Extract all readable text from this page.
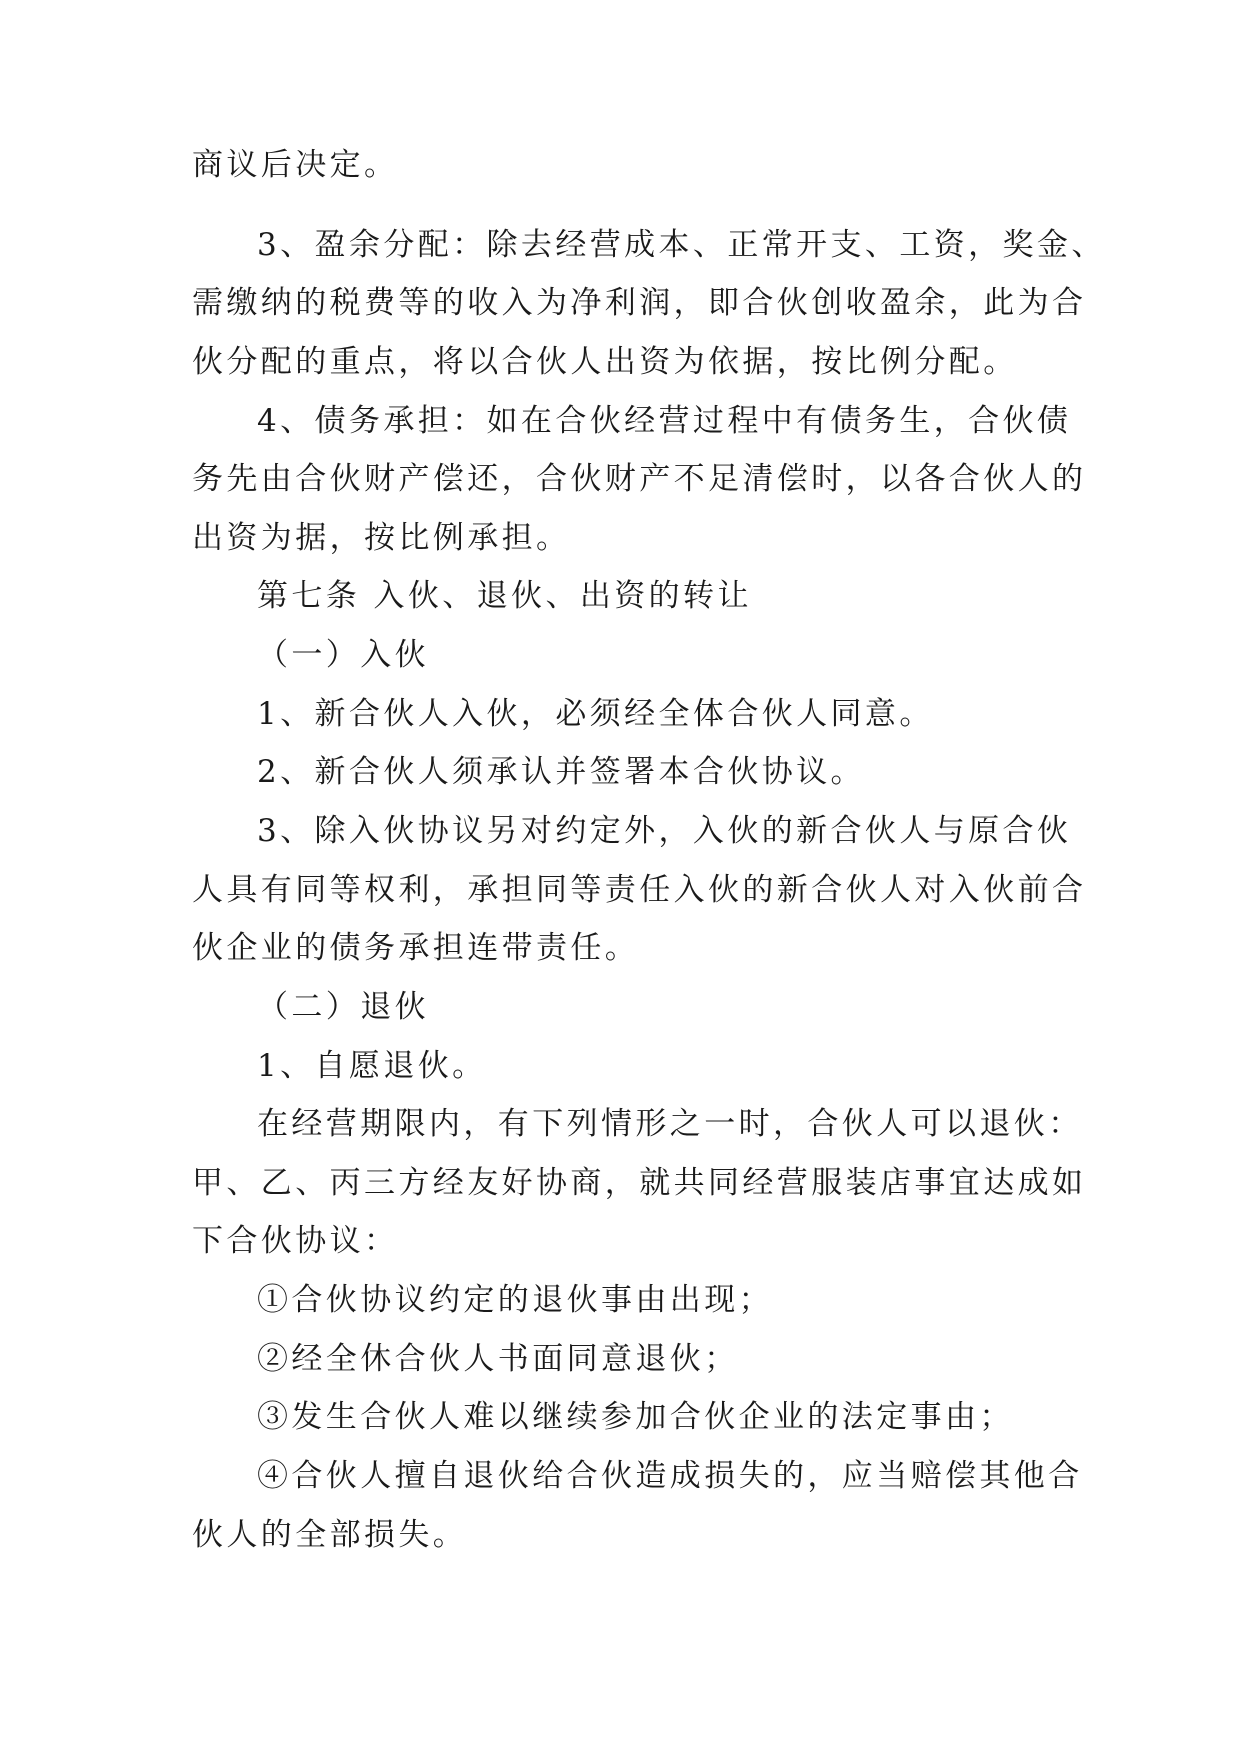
商议后决定。

3、盈余分配：除去经营成本、正常开支、工资，奖金、

需缴纳的税费等的收入为净利润，即合伙创收盈余，此为合

伙分配的重点，将以合伙人出资为依据，按比例分配。

4、债务承担：如在合伙经营过程中有债务生，合伙债

务先由合伙财产偿还，合伙财产不足清偿时，以各合伙人的

出资为据，按比例承担。

第七条 入伙、退伙、出资的转让

（一）入伙

1、新合伙人入伙，必须经全体合伙人同意。

2、新合伙人须承认并签署本合伙协议。

3、除入伙协议另对约定外，入伙的新合伙人与原合伙

人具有同等权利，承担同等责任入伙的新合伙人对入伙前合

伙企业的债务承担连带责任。

（二）退伙

1、自愿退伙。

在经营期限内，有下列情形之一时，合伙人可以退伙：

甲、乙、丙三方经友好协商，就共同经营服装店事宜达成如

下合伙协议：

①合伙协议约定的退伙事由出现；

②经全休合伙人书面同意退伙；

③发生合伙人难以继续参加合伙企业的法定事由；

④合伙人擅自退伙给合伙造成损失的，应当赔偿其他合

伙人的全部损失。
